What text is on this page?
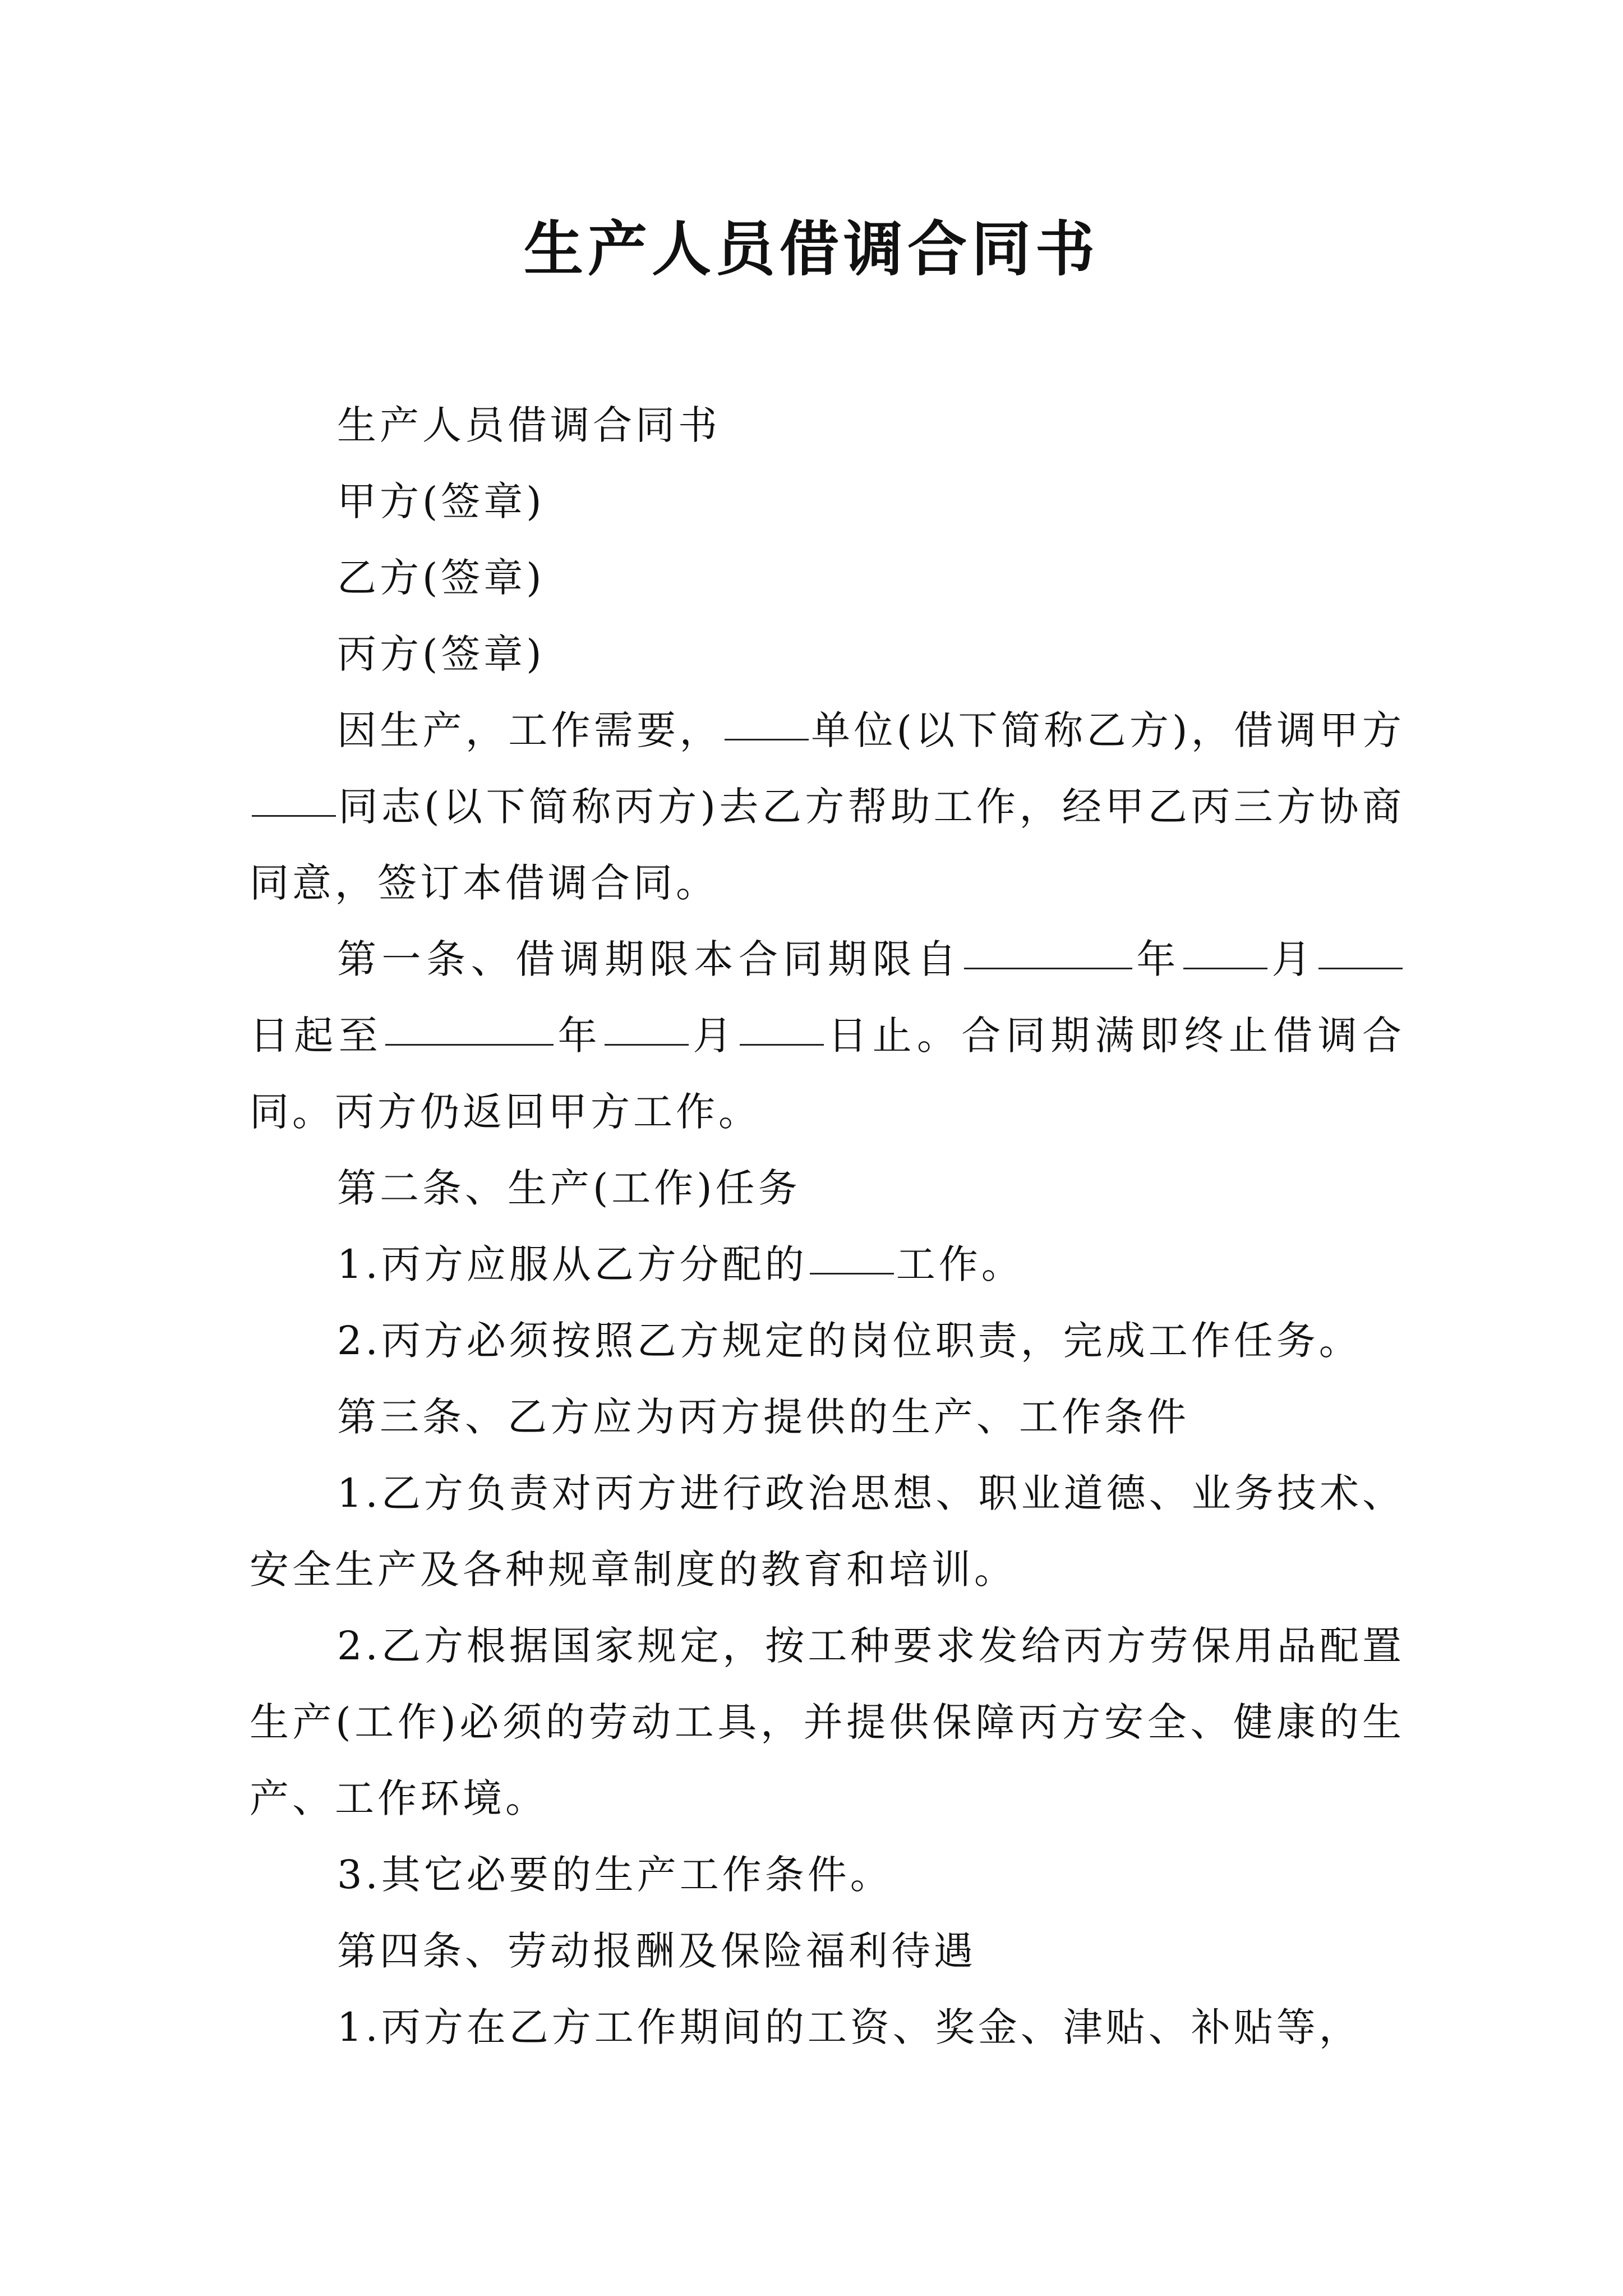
生产人员借调合同书

生产人员借调合同书

甲方(签章)

乙方(签章)

丙方(签章)

因生产，工作需要， 单位(以下简称乙方)，借调甲方同志(以下简称丙方)去乙方帮助工作，经甲乙丙三方协商同意，签订本借调合同。

第一条、借调期限本合同期限自	年 月日起至	年 月 日止。合同期满即终止借调合同。丙方仍返回甲方工作。

第二条、生产(工作)任务

1.丙方应服从乙方分配的 工作。

2.丙方必须按照乙方规定的岗位职责，完成工作任务。

第三条、乙方应为丙方提供的生产、工作条件

1.乙方负责对丙方进行政治思想、职业道德、业务技术、安全生产及各种规章制度的教育和培训。

2.乙方根据国家规定，按工种要求发给丙方劳保用品配置生产(工作)必须的劳动工具，并提供保障丙方安全、健康的生产、工作环境。

3.其它必要的生产工作条件。

第四条、劳动报酬及保险福利待遇

1.丙方在乙方工作期间的工资、奖金、津贴、补贴等，
